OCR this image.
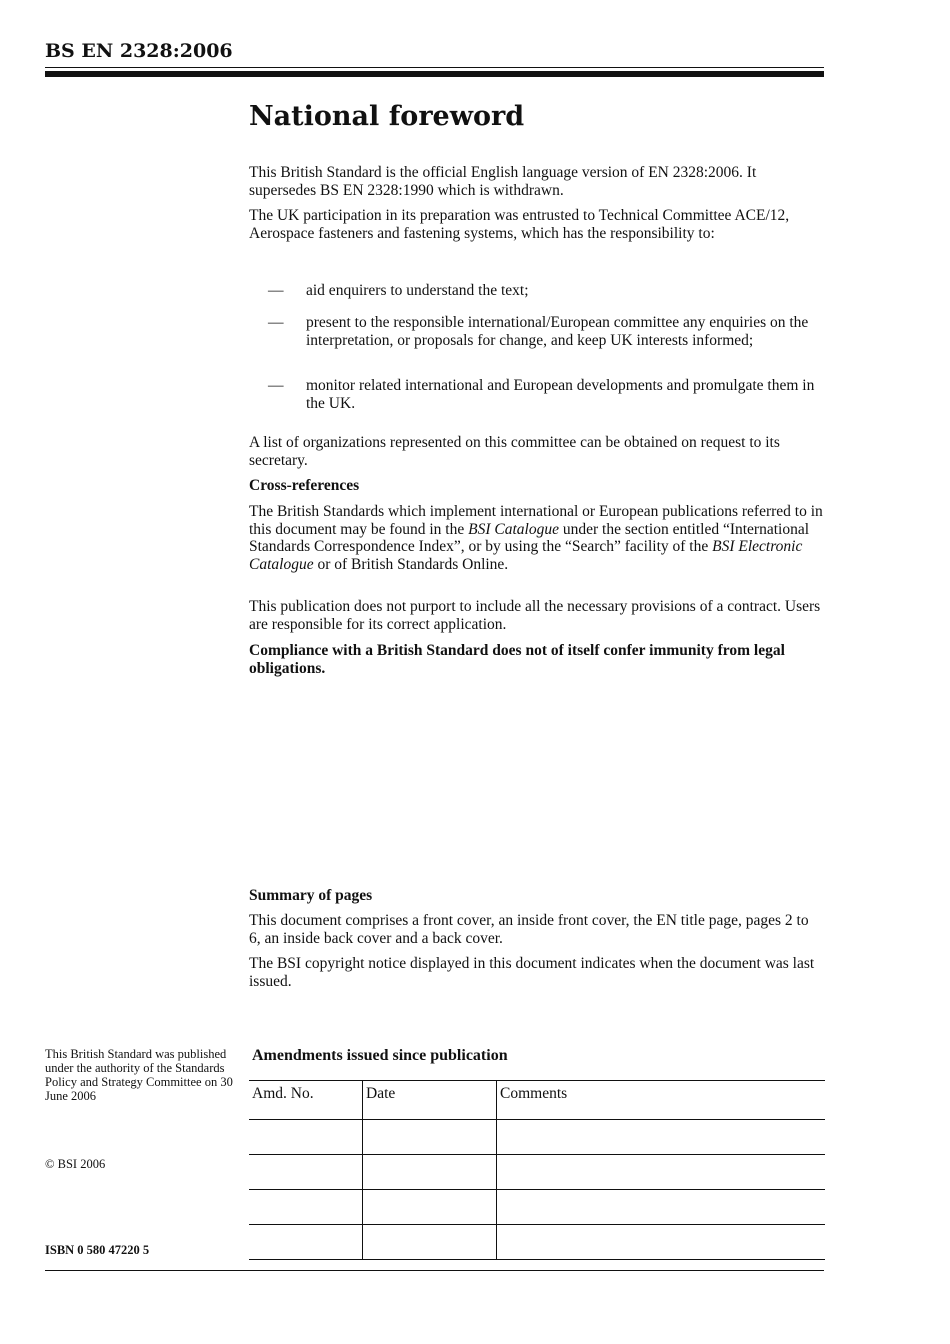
BS EN 2328:2006
National foreword

This British Standard is the official English language version of EN 2328:2006. It supersedes BS EN 2328:1990 which is withdrawn.

The UK participation in its preparation was entrusted to Technical Committee ACE/12, Aerospace fasteners and fastening systems, which has the responsibility to:

— aid enquirers to understand the text;

— present to the responsible international/European committee any enquiries on the interpretation, or proposals for change, and keep UK interests informed;

— monitor related international and European developments and promulgate them in the UK.

A list of organizations represented on this committee can be obtained on request to its secretary.

Cross-references

The British Standards which implement international or European publications referred to in this document may be found in the BSI Catalogue under the section entitled “International Standards Correspondence Index”, or by using the “Search” facility of the BSI Electronic Catalogue or of British Standards Online.

This publication does not purport to include all the necessary provisions of a contract. Users are responsible for its correct application.

Compliance with a British Standard does not of itself confer immunity from legal obligations.

Summary of pages

This document comprises a front cover, an inside front cover, the EN title page, pages 2 to 6, an inside back cover and a back cover.

The BSI copyright notice displayed in this document indicates when the document was last issued.

This British Standard was published under the authority of the Standards Policy and Strategy Committee on 30 June 2006
© BSI 2006
ISBN 0 580 47220 5
Amendments issued since publication
Amd. No.	Date	Comments
